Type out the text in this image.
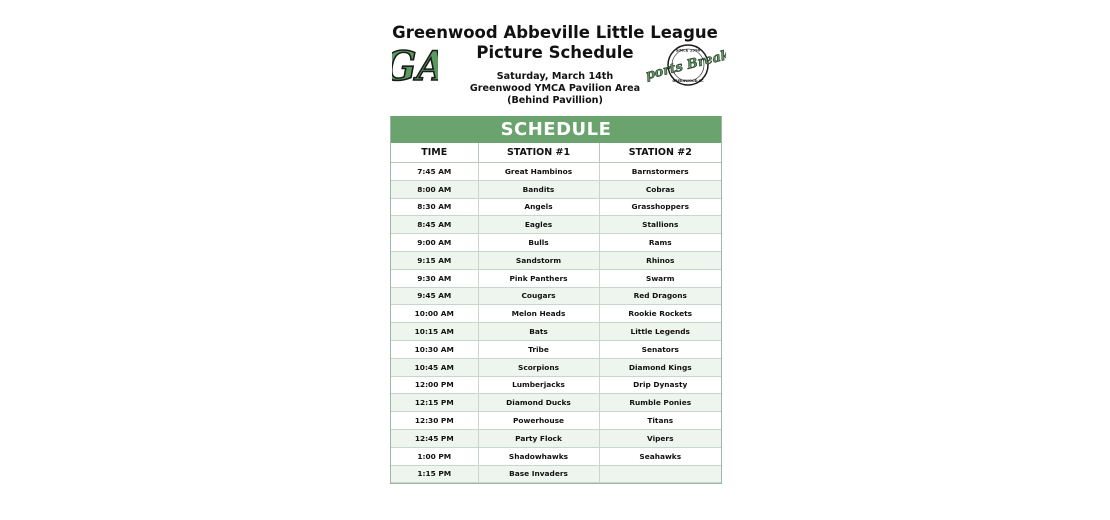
Greenwood Abbeville Little League
Picture Schedule
Saturday, March 14th
Greenwood YMCA Pavilion Area
(Behind Pavillion)
SINCE 1990
GREENWOOD SC
Sports Break
SCHEDULE
TIME	STATION #1	STATION #2
7:45 AM	Great Hambinos	Barnstormers
8:00 AM	Bandits	Cobras
8:30 AM	Angels	Grasshoppers
8:45 AM	Eagles	Stallions
9:00 AM	Bulls	Rams
9:15 AM	Sandstorm	Rhinos
9:30 AM	Pink Panthers	Swarm
9:45 AM	Cougars	Red Dragons
10:00 AM	Melon Heads	Rookie Rockets
10:15 AM	Bats	Little Legends
10:30 AM	Tribe	Senators
10:45 AM	Scorpions	Diamond Kings
12:00 PM	Lumberjacks	Drip Dynasty
12:15 PM	Diamond Ducks	Rumble Ponies
12:30 PM	Powerhouse	Titans
12:45 PM	Party Flock	Vipers
1:00 PM	Shadowhawks	Seahawks
1:15 PM	Base Invaders	
